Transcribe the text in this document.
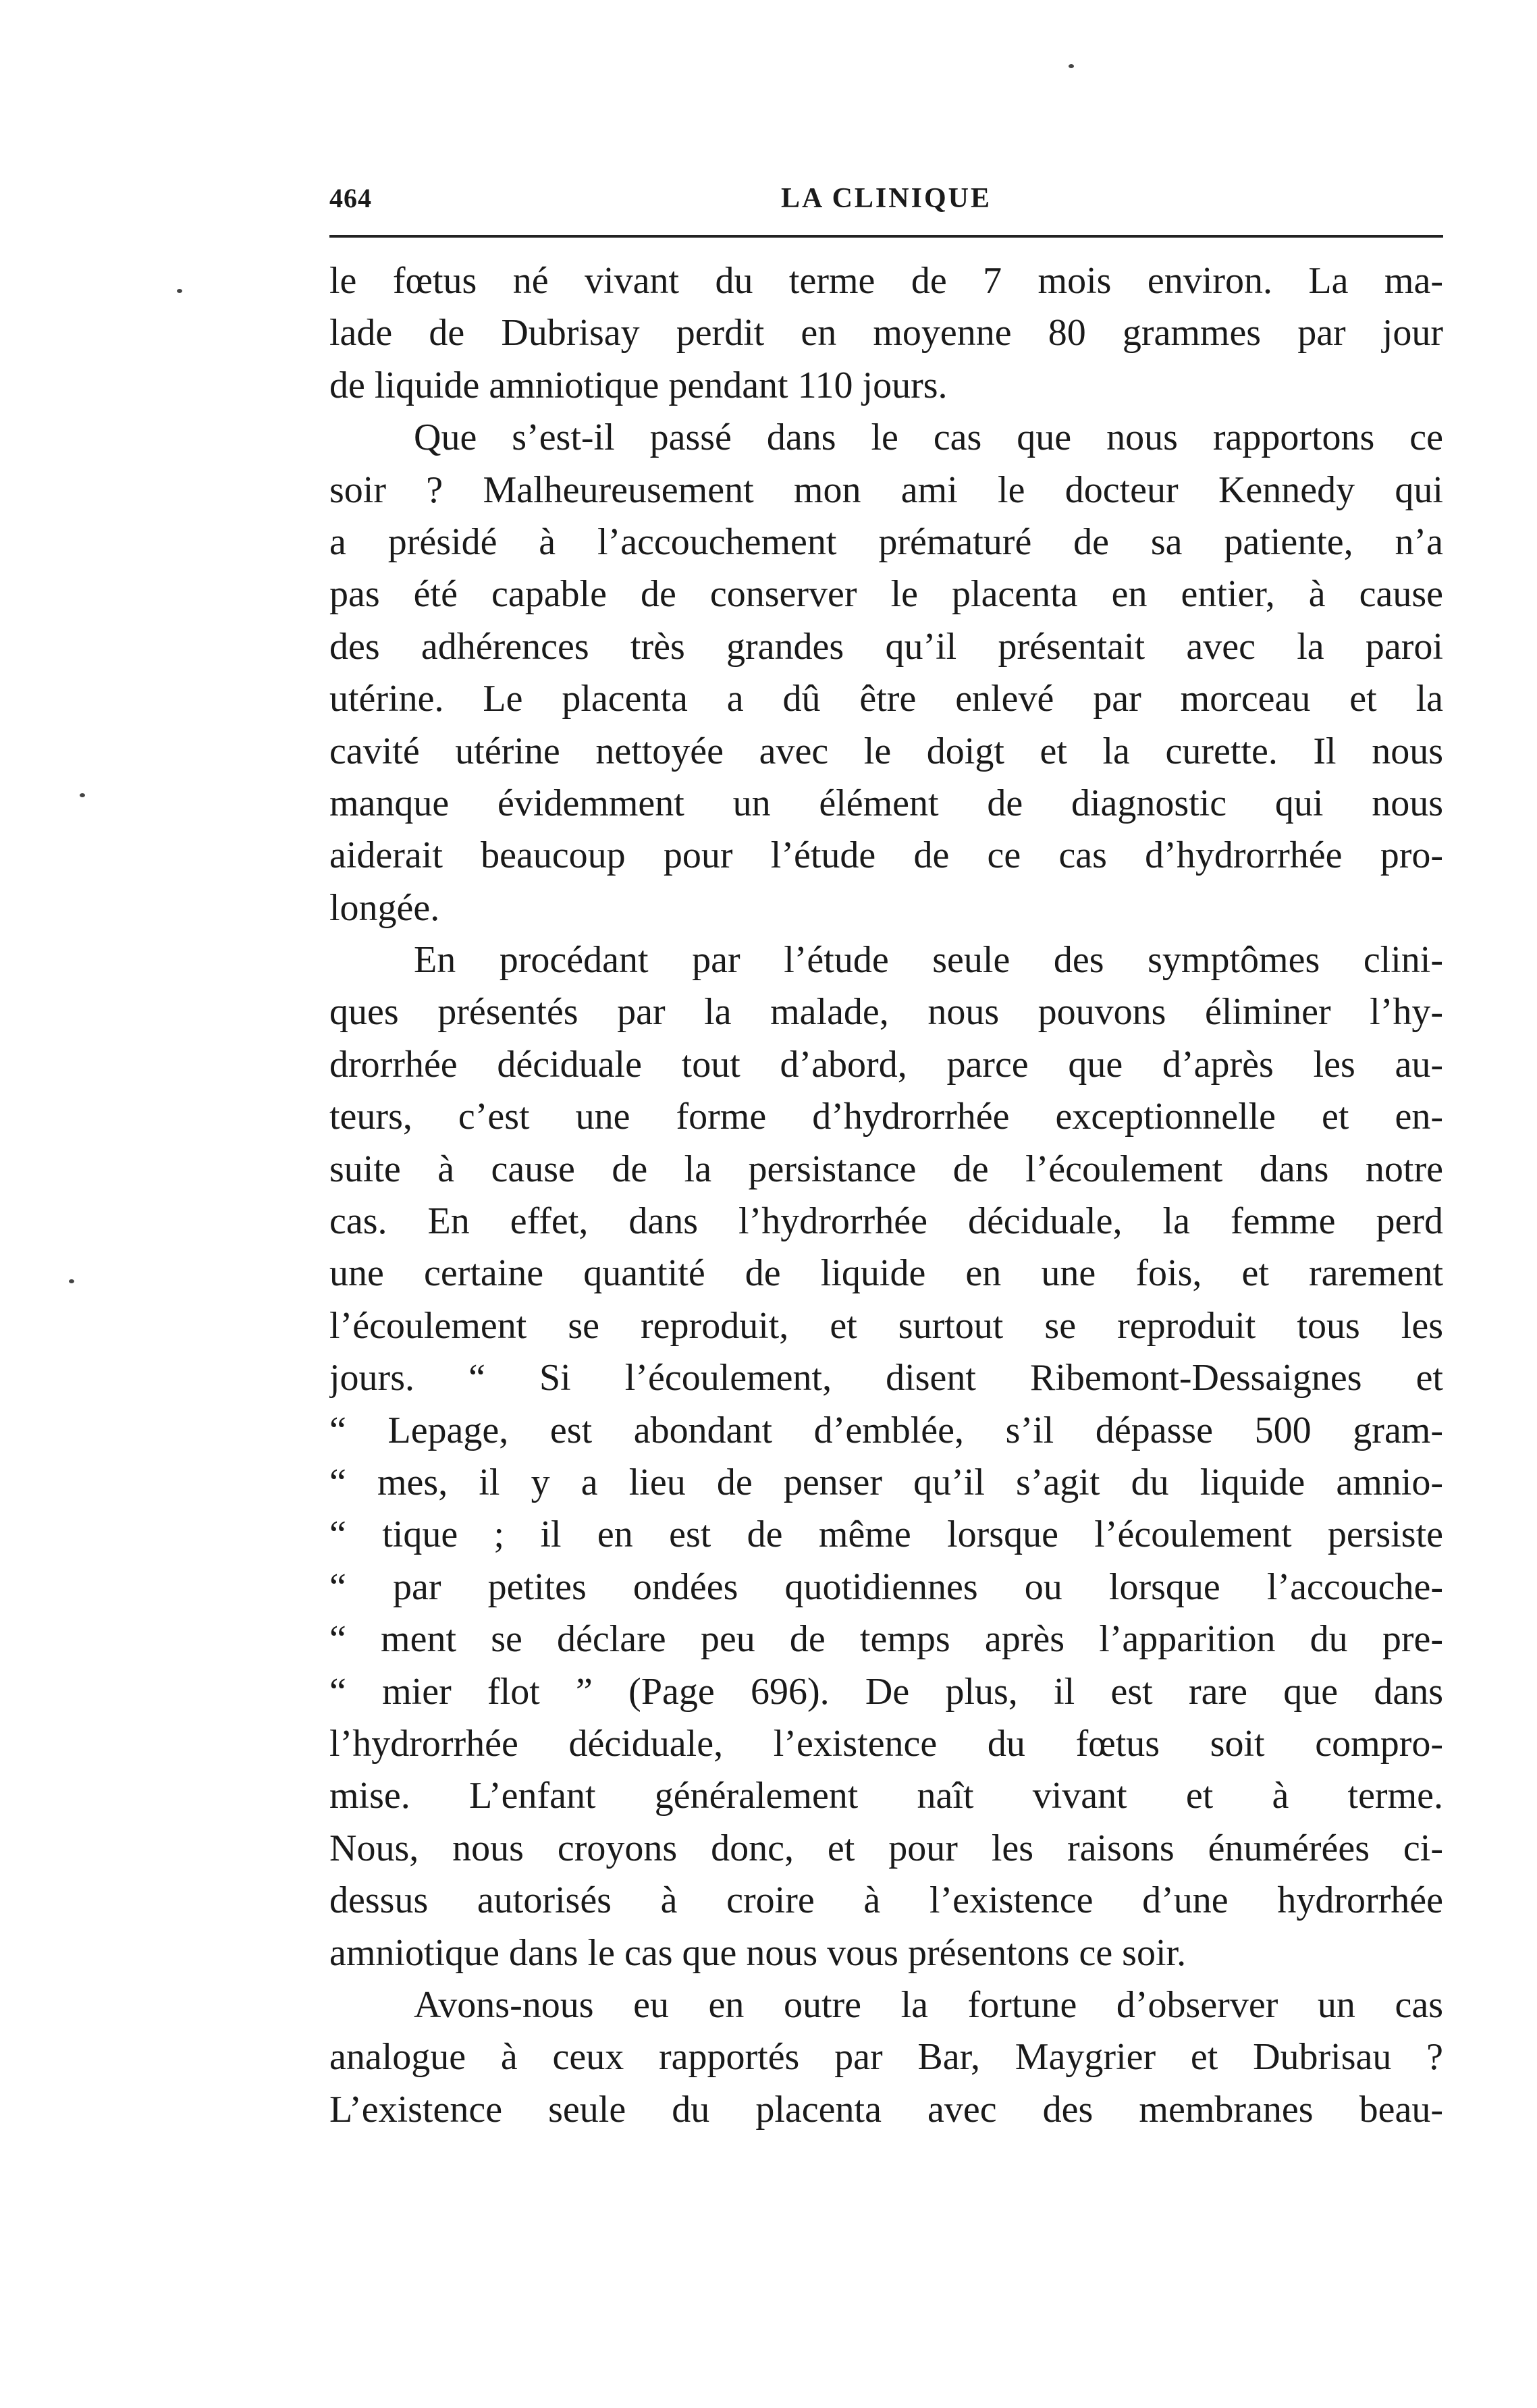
464	LA CLINIQUE
le fœtus né vivant du terme de 7 mois environ. La ma-
lade de Dubrisay perdit en moyenne 80 grammes par jour
de liquide amniotique pendant 110 jours.
Que s’est-il passé dans le cas que nous rapportons ce
soir ? Malheureusement mon ami le docteur Kennedy qui
a présidé à l’accouchement prématuré de sa patiente, n’a
pas été capable de conserver le placenta en entier, à cause
des adhérences très grandes qu’il présentait avec la paroi
utérine. Le placenta a dû être enlevé par morceau et la
cavité utérine nettoyée avec le doigt et la curette. Il nous
manque évidemment un élément de diagnostic qui nous
aiderait beaucoup pour l’étude de ce cas d’hydrorrhée pro-
longée.
En procédant par l’étude seule des symptômes clini-
ques présentés par la malade, nous pouvons éliminer l’hy-
drorrhée déciduale tout d’abord, parce que d’après les au-
teurs, c’est une forme d’hydrorrhée exceptionnelle et en-
suite à cause de la persistance de l’écoulement dans notre
cas. En effet, dans l’hydrorrhée déciduale, la femme perd
une certaine quantité de liquide en une fois, et rarement
l’écoulement se reproduit, et surtout se reproduit tous les
jours. “ Si l’écoulement, disent Ribemont-Dessaignes et
“ Lepage, est abondant d’emblée, s’il dépasse 500 gram-
“ mes, il y a lieu de penser qu’il s’agit du liquide amnio-
“ tique ; il en est de même lorsque l’écoulement persiste
“ par petites ondées quotidiennes ou lorsque l’accouche-
“ ment se déclare peu de temps après l’apparition du pre-
“ mier flot ” (Page 696). De plus, il est rare que dans
l’hydrorrhée déciduale, l’existence du fœtus soit compro-
mise. L’enfant généralement naît vivant et à terme.
Nous, nous croyons donc, et pour les raisons énumérées ci-
dessus autorisés à croire à l’existence d’une hydrorrhée
amniotique dans le cas que nous vous présentons ce soir.
Avons-nous eu en outre la fortune d’observer un cas
analogue à ceux rapportés par Bar, Maygrier et Dubrisau ?
L’existence seule du placenta avec des membranes beau-
